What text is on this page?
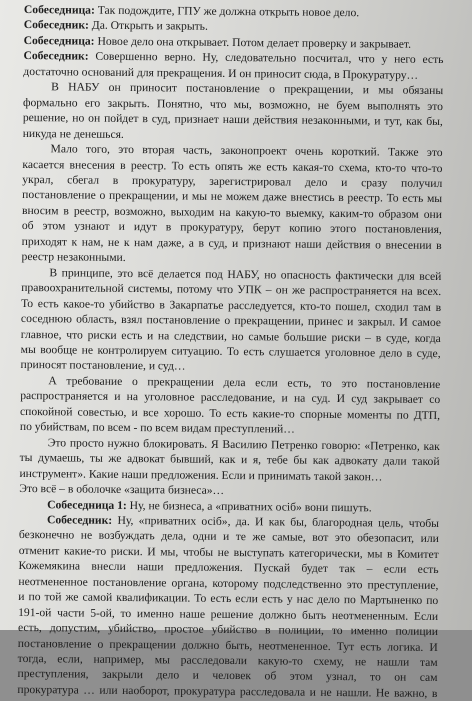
Собеседница: Так подождите, ГПУ же должна открыть новое дело.
Собеседник: Да. Открыть и закрыть.
Собеседница: Новое дело она открывает. Потом делает проверку и закрывает.
Собеседник: Совершенно верно. Ну, следовательно посчитал, что у него есть
достаточно оснований для прекращения. И он приносит сюда, в Прокуратуру…
В НАБУ он приносит постановление о прекращении, и мы обязаны
формально его закрыть. Понятно, что мы, возможно, не буем выполнять это
решение, но он пойдет в суд, признает наши действия незаконными, и тут, как бы,
никуда не денешься.
Мало того, это вторая часть, законопроект очень короткий. Также это
касается внесения в реестр. То есть опять же есть какая-то схема, кто-то что-то
украл, сбегал в прокуратуру, зарегистрировал дело и сразу получил
постановление о прекращении, и мы не можем даже внестись в реестр. То есть мы
вносим в реестр, возможно, выходим на какую-то выемку, каким-то образом они
об этом узнают и идут в прокуратуру, берут копию этого постановления,
приходят к нам, не к нам даже, а в суд, и признают наши действия о внесении в
реестр незаконными.
В принципе, это всё делается под НАБУ, но опасность фактически для всей
правоохранительной системы, потому что УПК – он же распространяется на всех.
То есть какое-то убийство в Закарпатье расследуется, кто-то пошел, сходил там в
соседнюю область, взял постановление о прекращении, принес и закрыл. И самое
главное, что риски есть и на следствии, но самые большие риски – в суде, когда
мы вообще не контролируем ситуацию. То есть слушается уголовное дело в суде,
приносят постановление, и суд…
А требование о прекращении дела если есть, то это постановление
распространяется и на уголовное расследование, и на суд. И суд закрывает со
спокойной совестью, и все хорошо. То есть какие-то спорные моменты по ДТП,
по убийствам, по всем - по всем видам преступлений…
Это просто нужно блокировать. Я Василию Петренко говорю: «Петренко, как
ты думаешь, ты же адвокат бывший, как и я, тебе бы как адвокату дали такой
инструмент». Какие наши предложения. Если и принимать такой закон…
Это всё – в оболочке «защита бизнеса»…
Собеседница 1: Ну, не бизнеса, а «приватних осіб» вони пишуть.
Собеседник: Ну, «приватних осіб», да. И как бы, благородная цель, чтобы
безконечно не возбуждать дела, одни и те же самые, вот это обезопасит, или
отменит какие-то риски. И мы, чтобы не выступать категорически, мы в Комитет
Кожемякина внесли наши предложения. Пускай будет так – если есть
неотмененное постановление органа, которому подследственно это преступление,
и по той же самой квалификации. То есть если есть у нас дело по Мартыненко по
191-ой части 5-ой, то именно наше решение должно быть неотмененным. Если
есть, допустим, убийство, простое убийство в полиции, то именно полиции
постановление о прекращении должно быть, неотмененное. Тут есть логика. И
тогда, если, например, мы расследовали какую-то схему, не нашли там
преступления, закрыли дело и человек об этом узнал, то он сам
прокуратура … или наоборот, прокуратура расследовала и не нашли. Не важно, в
